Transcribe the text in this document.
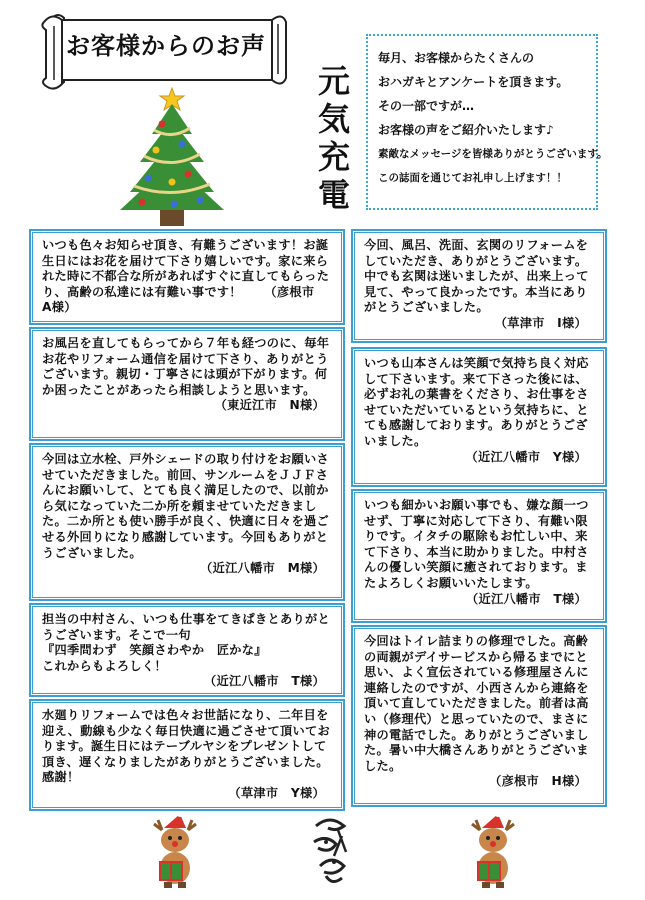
お客様からのお声
元
気
充
電
毎月、お客様からたくさんの
おハガキとアンケートを頂きます。
その一部ですが…
お客様の声をご紹介いたします♪
素敵なメッセージを皆様ありがとうございます。
この誌面を通じてお礼申し上げます！！
いつも色々お知らせ頂き、有難うございます！お誕生日にはお花を届けて下さり嬉しいです。家に来られた時に不都合な所があればすぐに直してもらったり、高齢の私達には有難い事です！ （彦根市　A様）
お風呂を直してもらってから７年も経つのに、毎年お花やリフォーム通信を届けて下さり、ありがとうございます。親切・丁寧さには頭が下がります。何か困ったことがあったら相談しようと思います。
（東近江市　N様）
今回は立水栓、戸外シェードの取り付けをお願いさせていただきました。前回、サンルームをＪＪＦさんにお願いして、とても良く満足したので、以前から気になっていた二か所を頼ませていただきました。二か所とも使い勝手が良く、快適に日々を過ごせる外回りになり感謝しています。今回もありがとうございました。
（近江八幡市　M様）
担当の中村さん、いつも仕事をてきぱきとありがとうございます。そこで一句
『四季問わず　笑顔さわやか　匠かな』
これからもよろしく！
（近江八幡市　T様）
水廻りリフォームでは色々お世話になり、二年目を迎え、動線も少なく毎日快適に過ごさせて頂いております。誕生日にはテーブルヤシをプレゼントして頂き、遅くなりましたがありがとうございました。感謝！
（草津市　Y様）
今回、風呂、洗面、玄関のリフォームをしていただき、ありがとうございます。中でも玄関は迷いましたが、出来上って見て、やって良かったです。本当にありがとうございました。
（草津市　I様）
いつも山本さんは笑顔で気持ち良く対応して下さいます。来て下さった後には、必ずお礼の葉書をくださり、お仕事をさせていただいているという気持ちに、とても感謝しております。ありがとうございました。
（近江八幡市　Y様）
いつも細かいお願い事でも、嫌な顔一つせず、丁寧に対応して下さり、有難い限りです。イタチの駆除もお忙しい中、来て下さり、本当に助かりました。中村さんの優しい笑顔に癒されております。またよろしくお願いいたします。
（近江八幡市　T様）
今回はトイレ詰まりの修理でした。高齢の両親がデイサービスから帰るまでにと思い、よく宣伝されている修理屋さんに連絡したのですが、小西さんから連絡を頂いて直していただきました。前者は高い（修理代）と思っていたので、まさに神の電話でした。ありがとうございました。暑い中大橋さんありがとうございました。
（彦根市　H様）
